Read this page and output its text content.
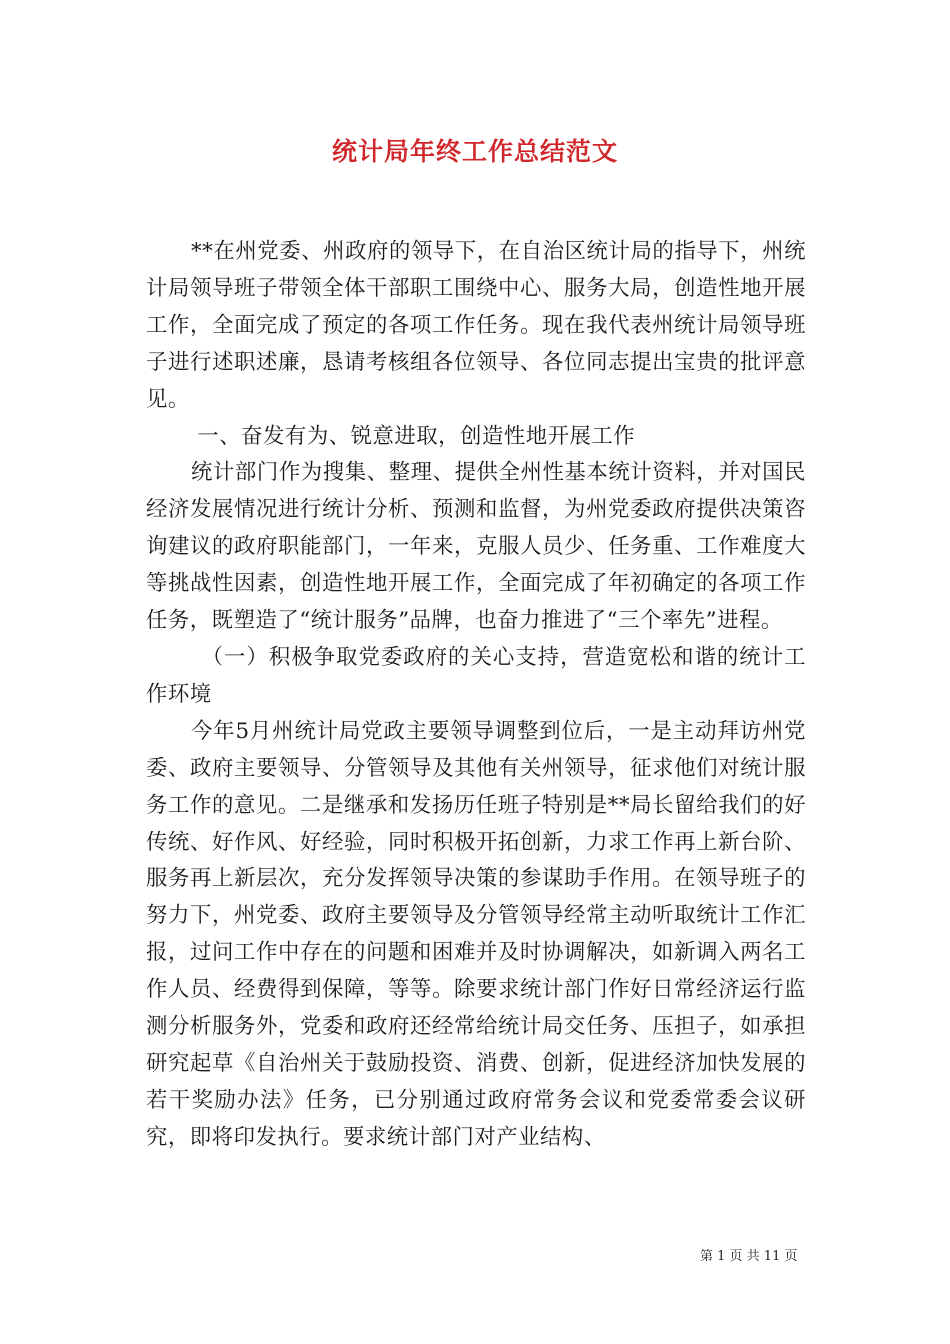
统计局年终工作总结范文

**在州党委、州政府的领导下，在自治区统计局的指导下，州统计局领导班子带领全体干部职工围绕中心、服务大局，创造性地开展工作，全面完成了预定的各项工作任务。现在我代表州统计局领导班子进行述职述廉，恳请考核组各位领导、各位同志提出宝贵的批评意见。

一、奋发有为、锐意进取，创造性地开展工作

统计部门作为搜集、整理、提供全州性基本统计资料，并对国民经济发展情况进行统计分析、预测和监督，为州党委政府提供决策咨询建议的政府职能部门，一年来，克服人员少、任务重、工作难度大等挑战性因素，创造性地开展工作，全面完成了年初确定的各项工作任务，既塑造了“统计服务”品牌，也奋力推进了“三个率先”进程。

（一）积极争取党委政府的关心支持，营造宽松和谐的统计工作环境

今年5月州统计局党政主要领导调整到位后，一是主动拜访州党委、政府主要领导、分管领导及其他有关州领导，征求他们对统计服务工作的意见。二是继承和发扬历任班子特别是**局长留给我们的好传统、好作风、好经验，同时积极开拓创新，力求工作再上新台阶、服务再上新层次，充分发挥领导决策的参谋助手作用。在领导班子的努力下，州党委、政府主要领导及分管领导经常主动听取统计工作汇报，过问工作中存在的问题和困难并及时协调解决，如新调入两名工作人员、经费得到保障，等等。除要求统计部门作好日常经济运行监测分析服务外，党委和政府还经常给统计局交任务、压担子，如承担研究起草《自治州关于鼓励投资、消费、创新，促进经济加快发展的若干奖励办法》任务，已分别通过政府常务会议和党委常委会议研究，即将印发执行。要求统计部门对产业结构、

第 1 页 共 11 页
